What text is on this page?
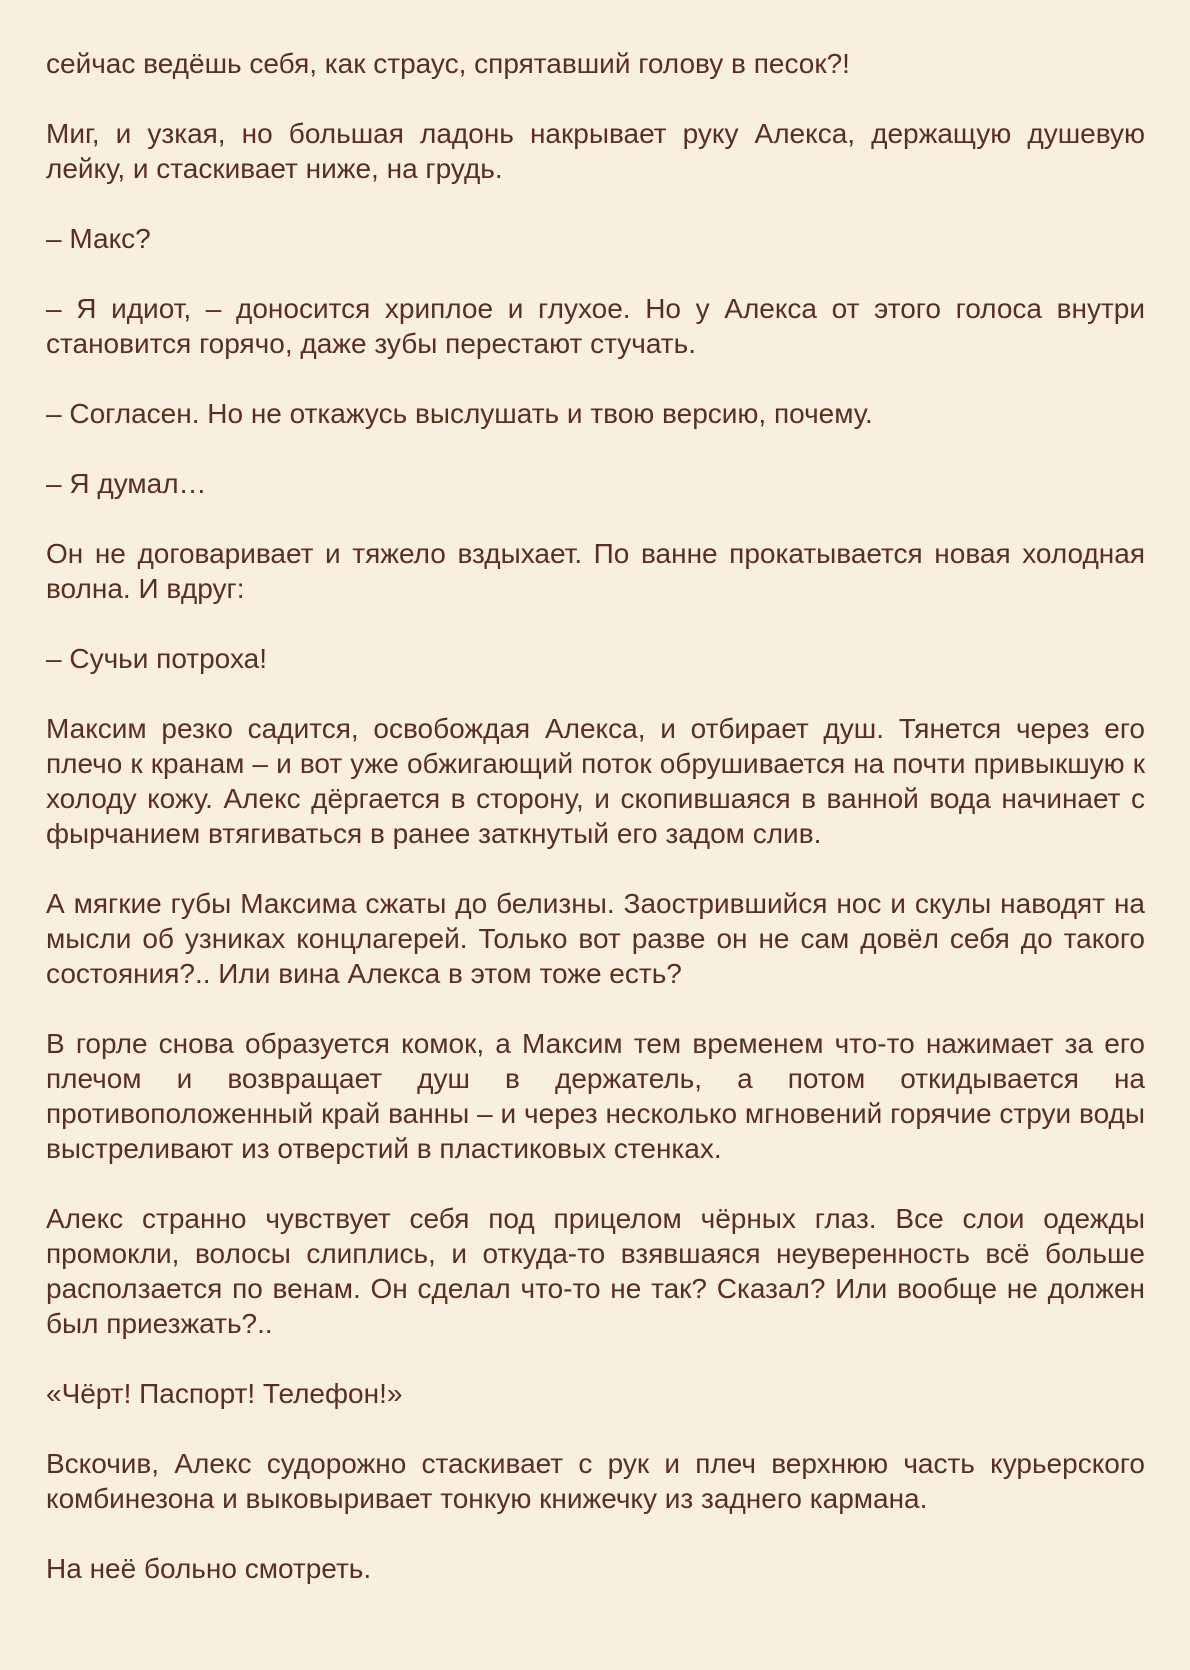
сейчас ведёшь себя, как страус, спрятавший голову в песок?!

Миг, и узкая, но большая ладонь накрывает руку Алекса, держащую душевую лейку, и стаскивает ниже, на грудь.

– Макс?

– Я идиот, – доносится хриплое и глухое. Но у Алекса от этого голоса внутри становится горячо, даже зубы перестают стучать.

– Согласен. Но не откажусь выслушать и твою версию, почему.

– Я думал…

Он не договаривает и тяжело вздыхает. По ванне прокатывается новая холодная волна. И вдруг:

– Сучьи потроха!

Максим резко садится, освобождая Алекса, и отбирает душ. Тянется через его плечо к кранам – и вот уже обжигающий поток обрушивается на почти привыкшую к холоду кожу. Алекс дёргается в сторону, и скопившаяся в ванной вода начинает с фырчанием втягиваться в ранее заткнутый его задом слив.

А мягкие губы Максима сжаты до белизны. Заострившийся нос и скулы наводят на мысли об узниках концлагерей. Только вот разве он не сам довёл себя до такого состояния?.. Или вина Алекса в этом тоже есть?

В горле снова образуется комок, а Максим тем временем что-то нажимает за его плечом и возвращает душ в держатель, а потом откидывается на противоположенный край ванны – и через несколько мгновений горячие струи воды выстреливают из отверстий в пластиковых стенках.

Алекс странно чувствует себя под прицелом чёрных глаз. Все слои одежды промокли, волосы слиплись, и откуда-то взявшаяся неуверенность всё больше расползается по венам. Он сделал что-то не так? Сказал? Или вообще не должен был приезжать?..

«Чёрт! Паспорт! Телефон!»

Вскочив, Алекс судорожно стаскивает с рук и плеч верхнюю часть курьерского комбинезона и выковыривает тонкую книжечку из заднего кармана.

На неё больно смотреть.
